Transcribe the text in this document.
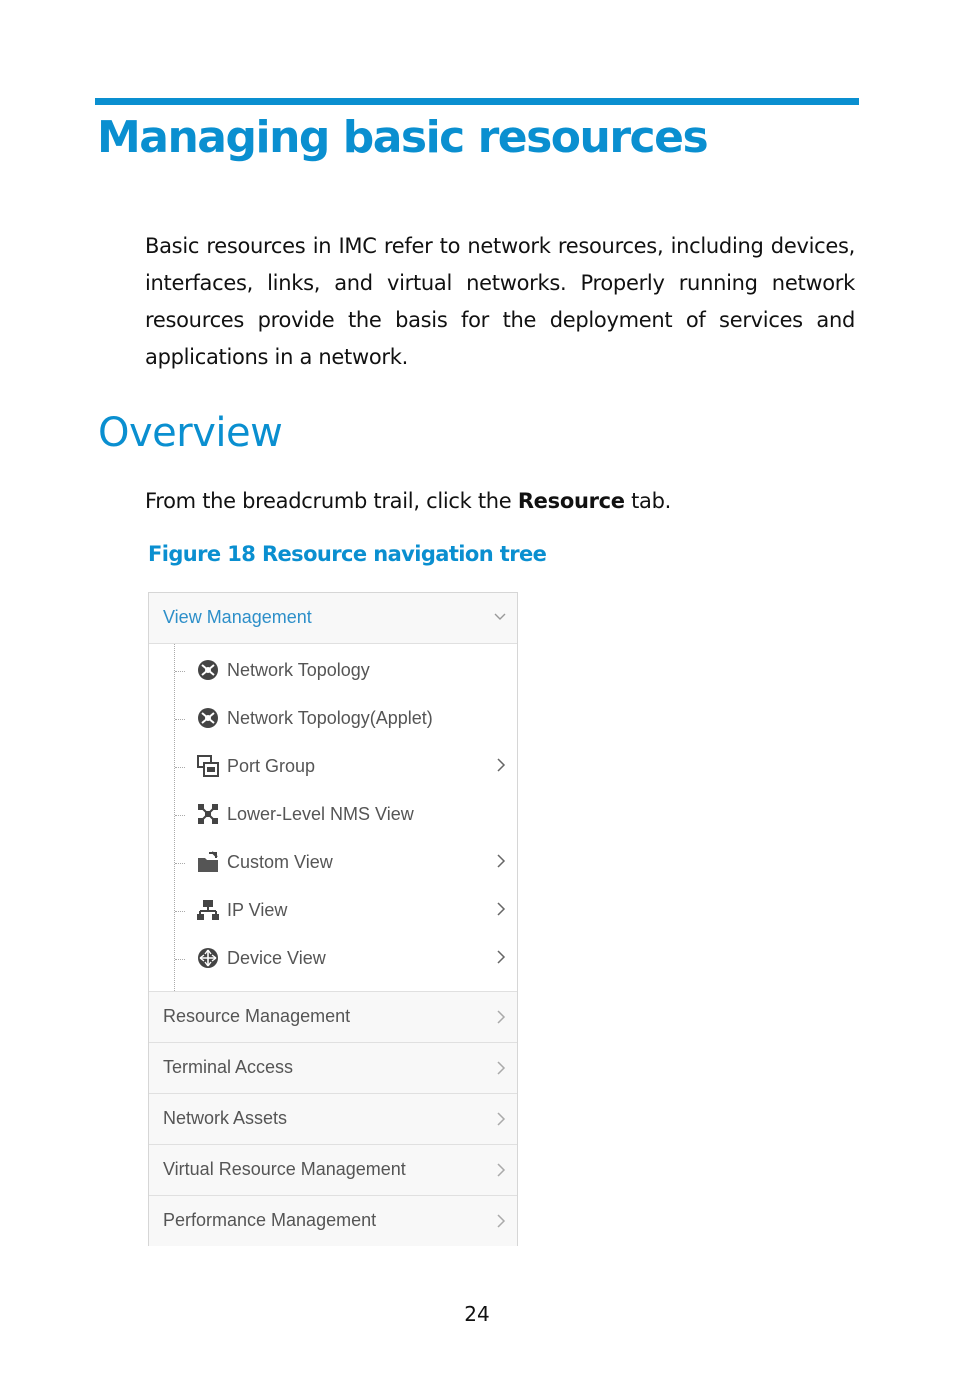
Managing basic resources

Basic resources in IMC refer to network resources, including devices, interfaces, links, and virtual networks. Properly running network resources provide the basis for the deployment of services and applications in a network.

Overview

From the breadcrumb trail, click the Resource tab.

Figure 18 Resource navigation tree

View Management
Network Topology
Network Topology(Applet)
Port Group
Lower-Level NMS View
Custom View
IP View
Device View
Resource Management
Terminal Access
Network Assets
Virtual Resource Management
Performance Management

24
